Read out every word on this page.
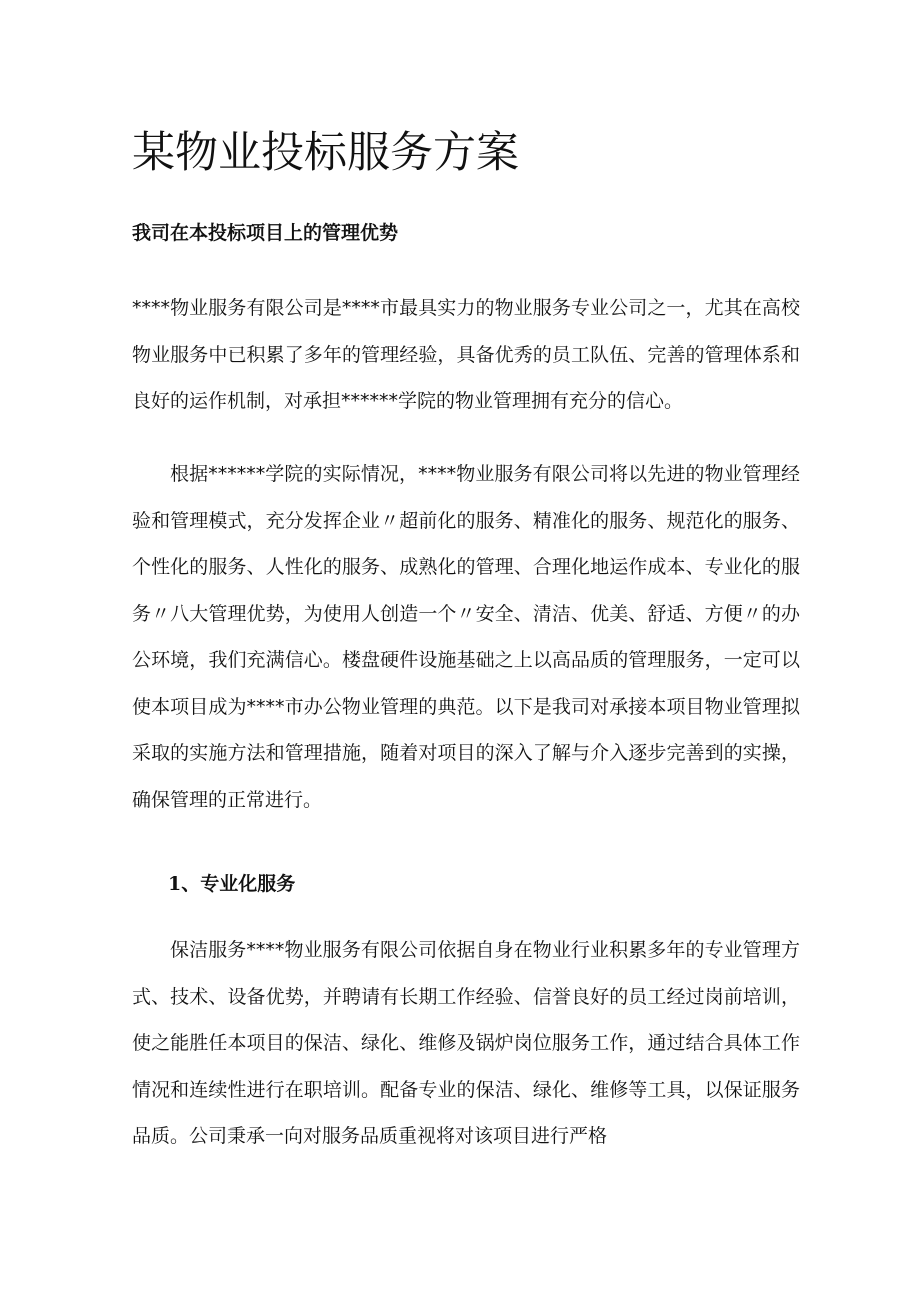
某物业投标服务方案
我司在本投标项目上的管理优势

****物业服务有限公司是****市最具实力的物业服务专业公司之一，尤其在高校物业服务中已积累了多年的管理经验，具备优秀的员工队伍、完善的管理体系和良好的运作机制，对承担******学院的物业管理拥有充分的信心。

根据******学院的实际情况，****物业服务有限公司将以先进的物业管理经验和管理模式，充分发挥企业〃超前化的服务、精准化的服务、规范化的服务、个性化的服务、人性化的服务、成熟化的管理、合理化地运作成本、专业化的服务〃八大管理优势，为使用人创造一个〃安全、清洁、优美、舒适、方便〃的办公环境，我们充满信心。楼盘硬件设施基础之上以高品质的管理服务，一定可以使本项目成为****市办公物业管理的典范。以下是我司对承接本项目物业管理拟采取的实施方法和管理措施，随着对项目的深入了解与介入逐步完善到的实操，确保管理的正常进行。

1、专业化服务

保洁服务****物业服务有限公司依据自身在物业行业积累多年的专业管理方式、技术、设备优势，并聘请有长期工作经验、信誉良好的员工经过岗前培训，使之能胜任本项目的保洁、绿化、维修及锅炉岗位服务工作，通过结合具体工作情况和连续性进行在职培训。配备专业的保洁、绿化、维修等工具，以保证服务品质。公司秉承一向对服务品质重视将对该项目进行严格
